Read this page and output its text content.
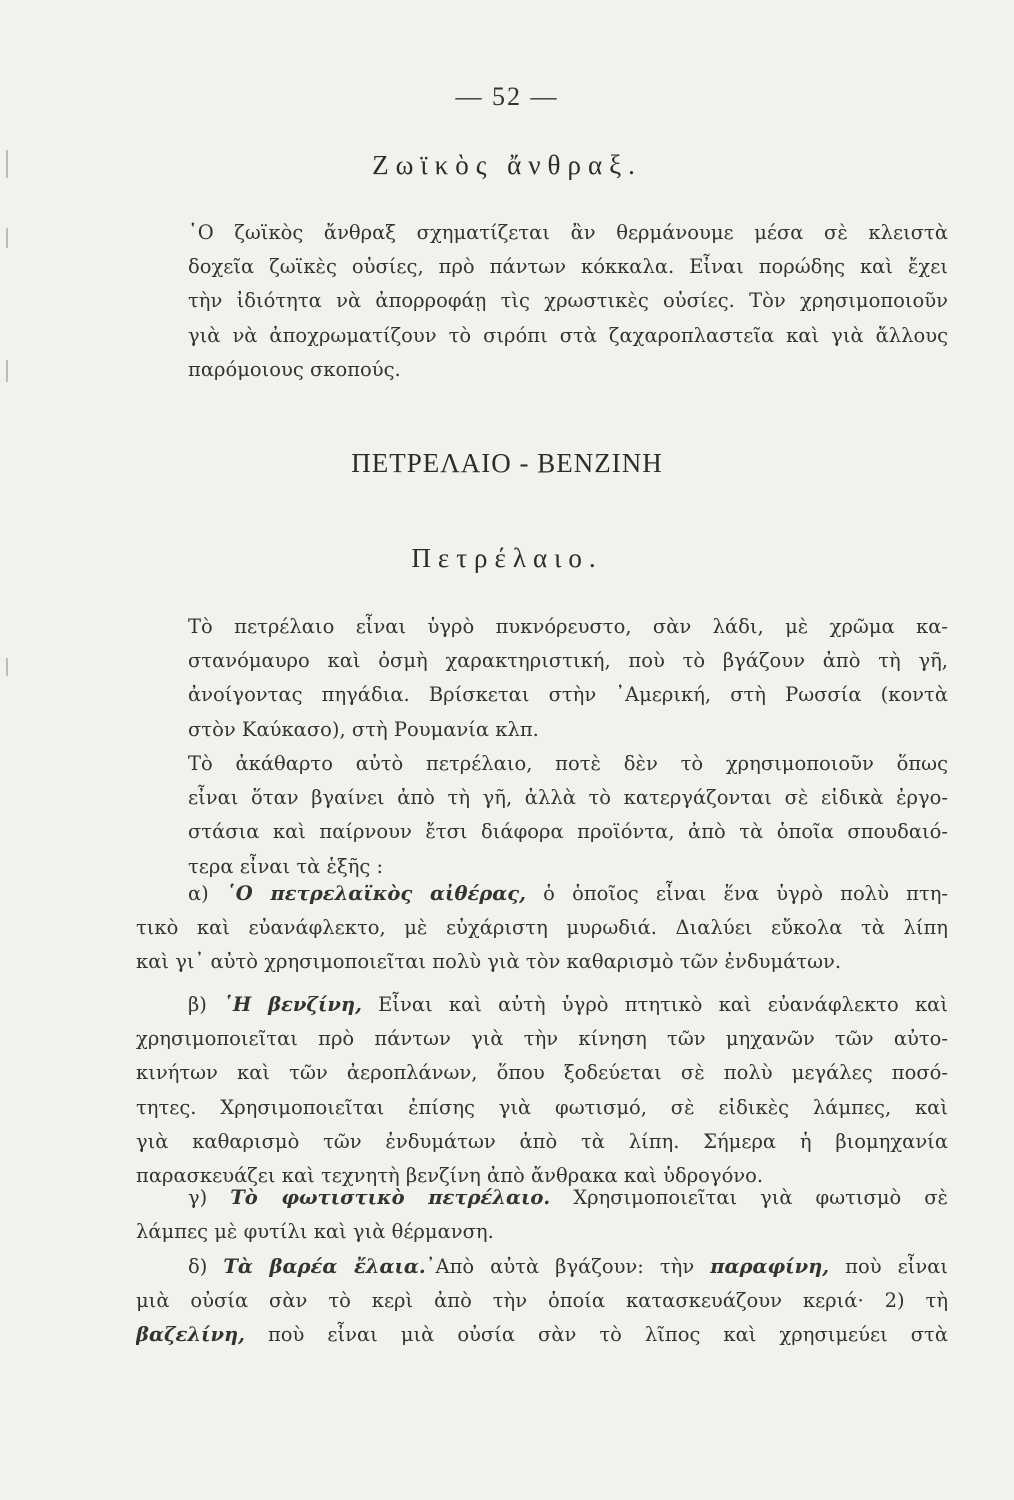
— 52 —
Ζωϊκὸς ἄνθραξ.
῾Ο ζωϊκὸς ἄνθραξ σχηματίζεται ἂν θερμάνουμε μέσα σὲ κλειστὰ
δοχεῖα ζωϊκὲς οὐσίες, πρὸ πάντων κόκκαλα. Εἶναι πορώδης καὶ ἔχει
τὴν ἰδιότητα νὰ ἀπορροφάῃ τὶς χρωστικὲς οὐσίες. Τὸν χρησιμοποιοῦν
γιὰ νὰ ἀποχρωματίζουν τὸ σιρόπι στὰ ζαχαροπλαστεῖα καὶ γιὰ ἄλλους
παρόμοιους σκοπούς.
ΠΕΤΡΕΛΑΙΟ - ΒΕΝΖΙΝΗ
Πετρέλαιο.
Τὸ πετρέλαιο εἶναι ὑγρὸ πυκνόρευστο, σὰν λάδι, μὲ χρῶμα κα-
στανόμαυρο καὶ ὀσμὴ χαρακτηριστική, ποὺ τὸ βγάζουν ἀπὸ τὴ γῆ,
ἀνοίγοντας πηγάδια. Βρίσκεται στὴν ᾿Αμερική, στὴ Ρωσσία (κοντὰ
στὸν Καύκασο), στὴ Ρουμανία κλπ.
Τὸ ἀκάθαρτο αὐτὸ πετρέλαιο, ποτὲ δὲν τὸ χρησιμοποιοῦν ὅπως
εἶναι ὅταν βγαίνει ἀπὸ τὴ γῆ, ἀλλὰ τὸ κατεργάζονται σὲ εἰδικὰ ἐργο-
στάσια καὶ παίρνουν ἔτσι διάφορα προϊόντα, ἀπὸ τὰ ὁποῖα σπουδαιό-
τερα εἶναι τὰ ἑξῆς :
α) ῾Ο πετρελαϊκὸς αἰθέρας, ὁ ὁποῖος εἶναι ἕνα ὑγρὸ πολὺ πτη-
τικὸ καὶ εὐανάφλεκτο, μὲ εὐχάριστη μυρωδιά. Διαλύει εὔκολα τὰ λίπη
καὶ γι᾿ αὐτὸ χρησιμοποιεῖται πολὺ γιὰ τὸν καθαρισμὸ τῶν ἐνδυμάτων.
β) ῾Η βενζίνη, Εἶναι καὶ αὐτὴ ὑγρὸ πτητικὸ καὶ εὐανάφλεκτο καὶ
χρησιμοποιεῖται πρὸ πάντων γιὰ τὴν κίνηση τῶν μηχανῶν τῶν αὐτο-
κινήτων καὶ τῶν ἀεροπλάνων, ὅπου ξοδεύεται σὲ πολὺ μεγάλες ποσό-
τητες. Χρησιμοποιεῖται ἐπίσης γιὰ φωτισμό, σὲ εἰδικὲς λάμπες, καὶ
γιὰ καθαρισμὸ τῶν ἐνδυμάτων ἀπὸ τὰ λίπη. Σήμερα ἡ βιομηχανία
παρασκευάζει καὶ τεχνητὴ βενζίνη ἀπὸ ἄνθρακα καὶ ὑδρογόνο.
γ) Τὸ φωτιστικὸ πετρέλαιο. Χρησιμοποιεῖται γιὰ φωτισμὸ σὲ
λάμπες μὲ φυτίλι καὶ γιὰ θέρμανση.
δ) Τὰ βαρέα ἔλαια.᾿Απὸ αὐτὰ βγάζουν: τὴν παραφίνη, ποὺ εἶναι
μιὰ οὐσία σὰν τὸ κερὶ ἀπὸ τὴν ὁποία κατασκευάζουν κεριά· 2) τὴ
βαζελίνη, ποὺ εἶναι μιὰ οὐσία σὰν τὸ λῖπος καὶ χρησιμεύει στὰ
